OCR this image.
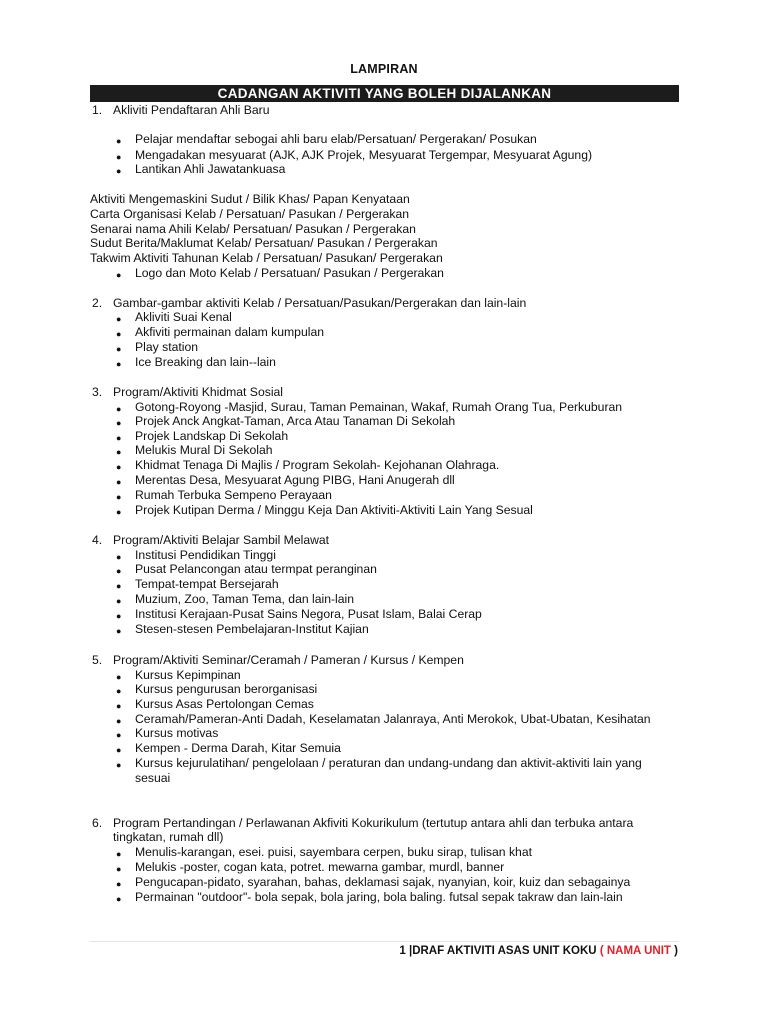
LAMPIRAN
CADANGAN AKTIVITI YANG BOLEH DIJALANKAN
1. Akliviti Pendaftaran Ahli Baru
● Pelajar mendaftar sebogai ahli baru elab/Persatuan/ Pergerakan/ Posukan
● Mengadakan mesyuarat (AJK, AJK Projek, Mesyuarat Tergempar, Mesyuarat Agung)
● Lantikan Ahli Jawatankuasa
Aktiviti Mengemaskini Sudut / Bilik Khas/ Papan Kenyataan
Carta Organisasi Kelab / Persatuan/ Pasukan / Pergerakan
Senarai nama Ahili Kelab/ Persatuan/ Pasukan / Pergerakan
Sudut Berita/Maklumat Kelab/ Persatuan/ Pasukan / Pergerakan
Takwim Aktiviti Tahunan Kelab / Persatuan/ Pasukan/ Pergerakan
● Logo dan Moto Kelab / Persatuan/ Pasukan / Pergerakan
2. Gambar-gambar aktiviti Kelab / Persatuan/Pasukan/Pergerakan dan lain-lain
● Akliviti Suai Kenal
● Akfiviti permainan dalam kumpulan
● Play station
● Ice Breaking dan lain--lain
3. Program/Aktiviti Khidmat Sosial
● Gotong-Royong -Masjid, Surau, Taman Pemainan, Wakaf, Rumah Orang Tua, Perkuburan
● Projek Anck Angkat-Taman, Arca Atau Tanaman Di Sekolah
● Projek Landskap Di Sekolah
● Melukis Mural Di Sekolah
● Khidmat Tenaga Di Majlis / Program Sekolah- Kejohanan Olahraga.
● Merentas Desa, Mesyuarat Agung PIBG, Hani Anugerah dll
● Rumah Terbuka Sempeno Perayaan
● Projek Kutipan Derma / Minggu Keja Dan Aktiviti-Aktiviti Lain Yang Sesual
4. Program/Aktiviti Belajar Sambil Melawat
● Institusi Pendidikan Tinggi
● Pusat Pelancongan atau termpat peranginan
● Tempat-tempat Bersejarah
● Muzium, Zoo, Taman Tema, dan lain-lain
● Institusi Kerajaan-Pusat Sains Negora, Pusat Islam, Balai Cerap
● Stesen-stesen Pembelajaran-Institut Kajian
5. Program/Aktiviti Seminar/Ceramah / Pameran / Kursus / Kempen
● Kursus Kepimpinan
● Kursus pengurusan berorganisasi
● Kursus Asas Pertolongan Cemas
● Ceramah/Pameran-Anti Dadah, Keselamatan Jalanraya, Anti Merokok, Ubat-Ubatan, Kesihatan
● Kursus motivas
● Kempen - Derma Darah, Kitar Semuia
● Kursus kejurulatihan/ pengelolaan / peraturan dan undang-undang dan aktivit-aktiviti lain yang
sesuai
6. Program Pertandingan / Perlawanan Akfiviti Kokurikulum (tertutup antara ahli dan terbuka antara
tingkatan, rumah dll)
● Menulis-karangan, esei. puisi, sayembara cerpen, buku sirap, tulisan khat
● Melukis -poster, cogan kata, potret. mewarna gambar, murdl, banner
● Pengucapan-pidato, syarahan, bahas, deklamasi sajak, nyanyian, koir, kuiz dan sebagainya
● Permainan "outdoor"- bola sepak, bola jaring, bola baling. futsal sepak takraw dan lain-lain
1 |DRAF AKTIVITI ASAS UNIT KOKU ( NAMA UNIT )
